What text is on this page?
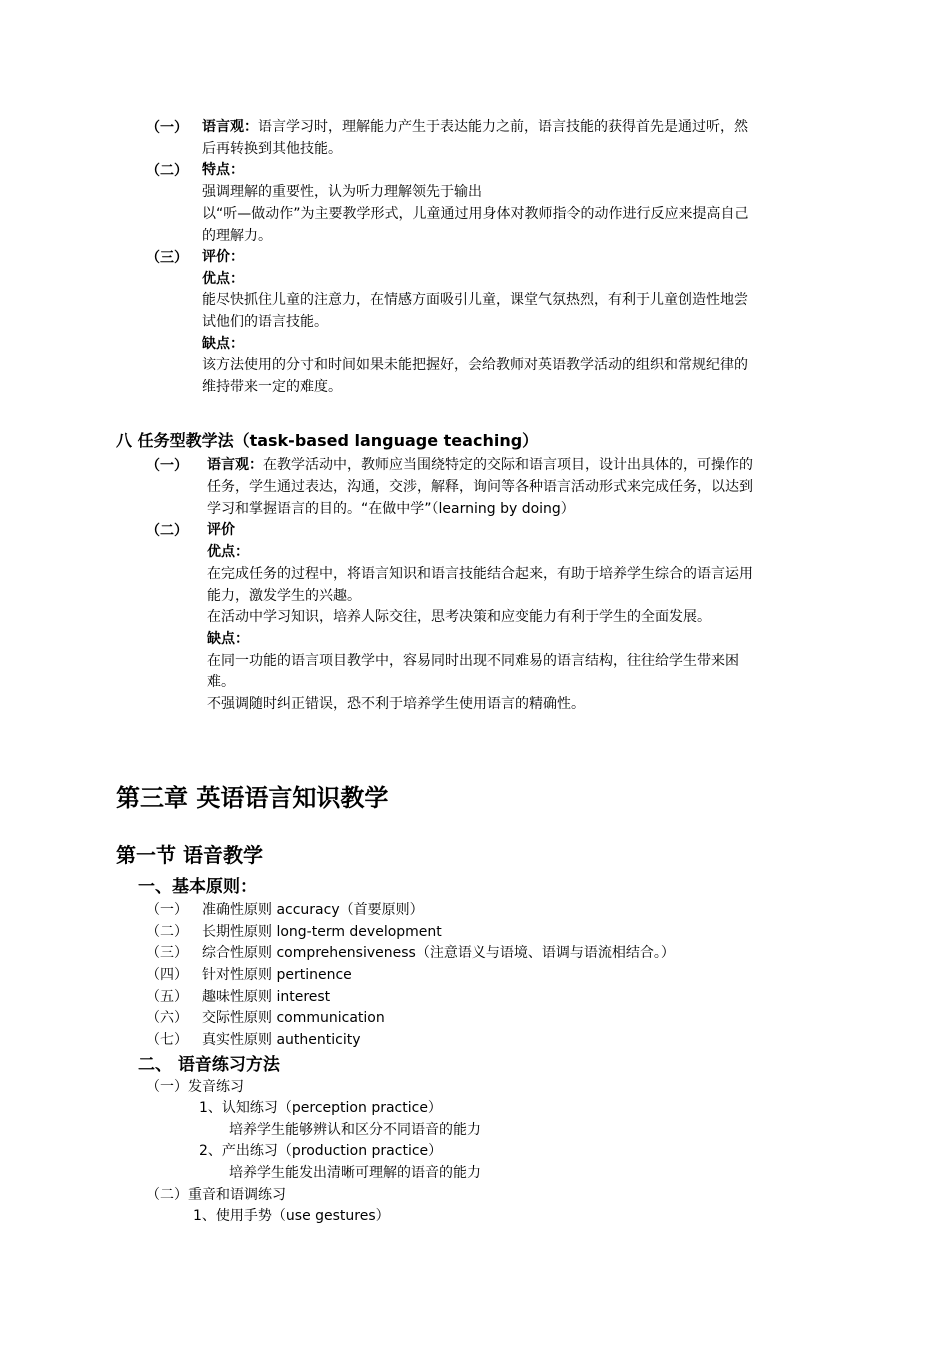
（一） 语言观：语言学习时，理解能力产生于表达能力之前，语言技能的获得首先是通过听，然
后再转换到其他技能。
（二） 特点：
强调理解的重要性，认为听力理解领先于输出
以“听—做动作”为主要教学形式，儿童通过用身体对教师指令的动作进行反应来提高自己
的理解力。
（三） 评价：
优点：
能尽快抓住儿童的注意力，在情感方面吸引儿童，课堂气氛热烈，有利于儿童创造性地尝
试他们的语言技能。
缺点：
该方法使用的分寸和时间如果未能把握好，会给教师对英语教学活动的组织和常规纪律的
维持带来一定的难度。
八 任务型教学法（task-based language teaching）
（一） 语言观：在教学活动中，教师应当围绕特定的交际和语言项目，设计出具体的，可操作的
任务，学生通过表达，沟通，交涉，解释，询问等各种语言活动形式来完成任务，以达到
学习和掌握语言的目的。“在做中学”（learning by doing）
（二） 评价
优点：
在完成任务的过程中，将语言知识和语言技能结合起来，有助于培养学生综合的语言运用
能力，激发学生的兴趣。
在活动中学习知识，培养人际交往，思考决策和应变能力有利于学生的全面发展。
缺点：
在同一功能的语言项目教学中，容易同时出现不同难易的语言结构，往往给学生带来困
难。
不强调随时纠正错误，恐不利于培养学生使用语言的精确性。
第三章 英语语言知识教学
第一节 语音教学
一、基本原则：
（一） 准确性原则 accuracy（首要原则）
（二） 长期性原则 long-term development
（三） 综合性原则 comprehensiveness（注意语义与语境、语调与语流相结合。）
（四） 针对性原则 pertinence
（五） 趣味性原则 interest
（六） 交际性原则 communication
（七） 真实性原则 authenticity
二、 语音练习方法
（一）发音练习
1、认知练习（perception practice）
培养学生能够辨认和区分不同语音的能力
2、产出练习（production practice）
培养学生能发出清晰可理解的语音的能力
（二）重音和语调练习
1、使用手势（use gestures）
